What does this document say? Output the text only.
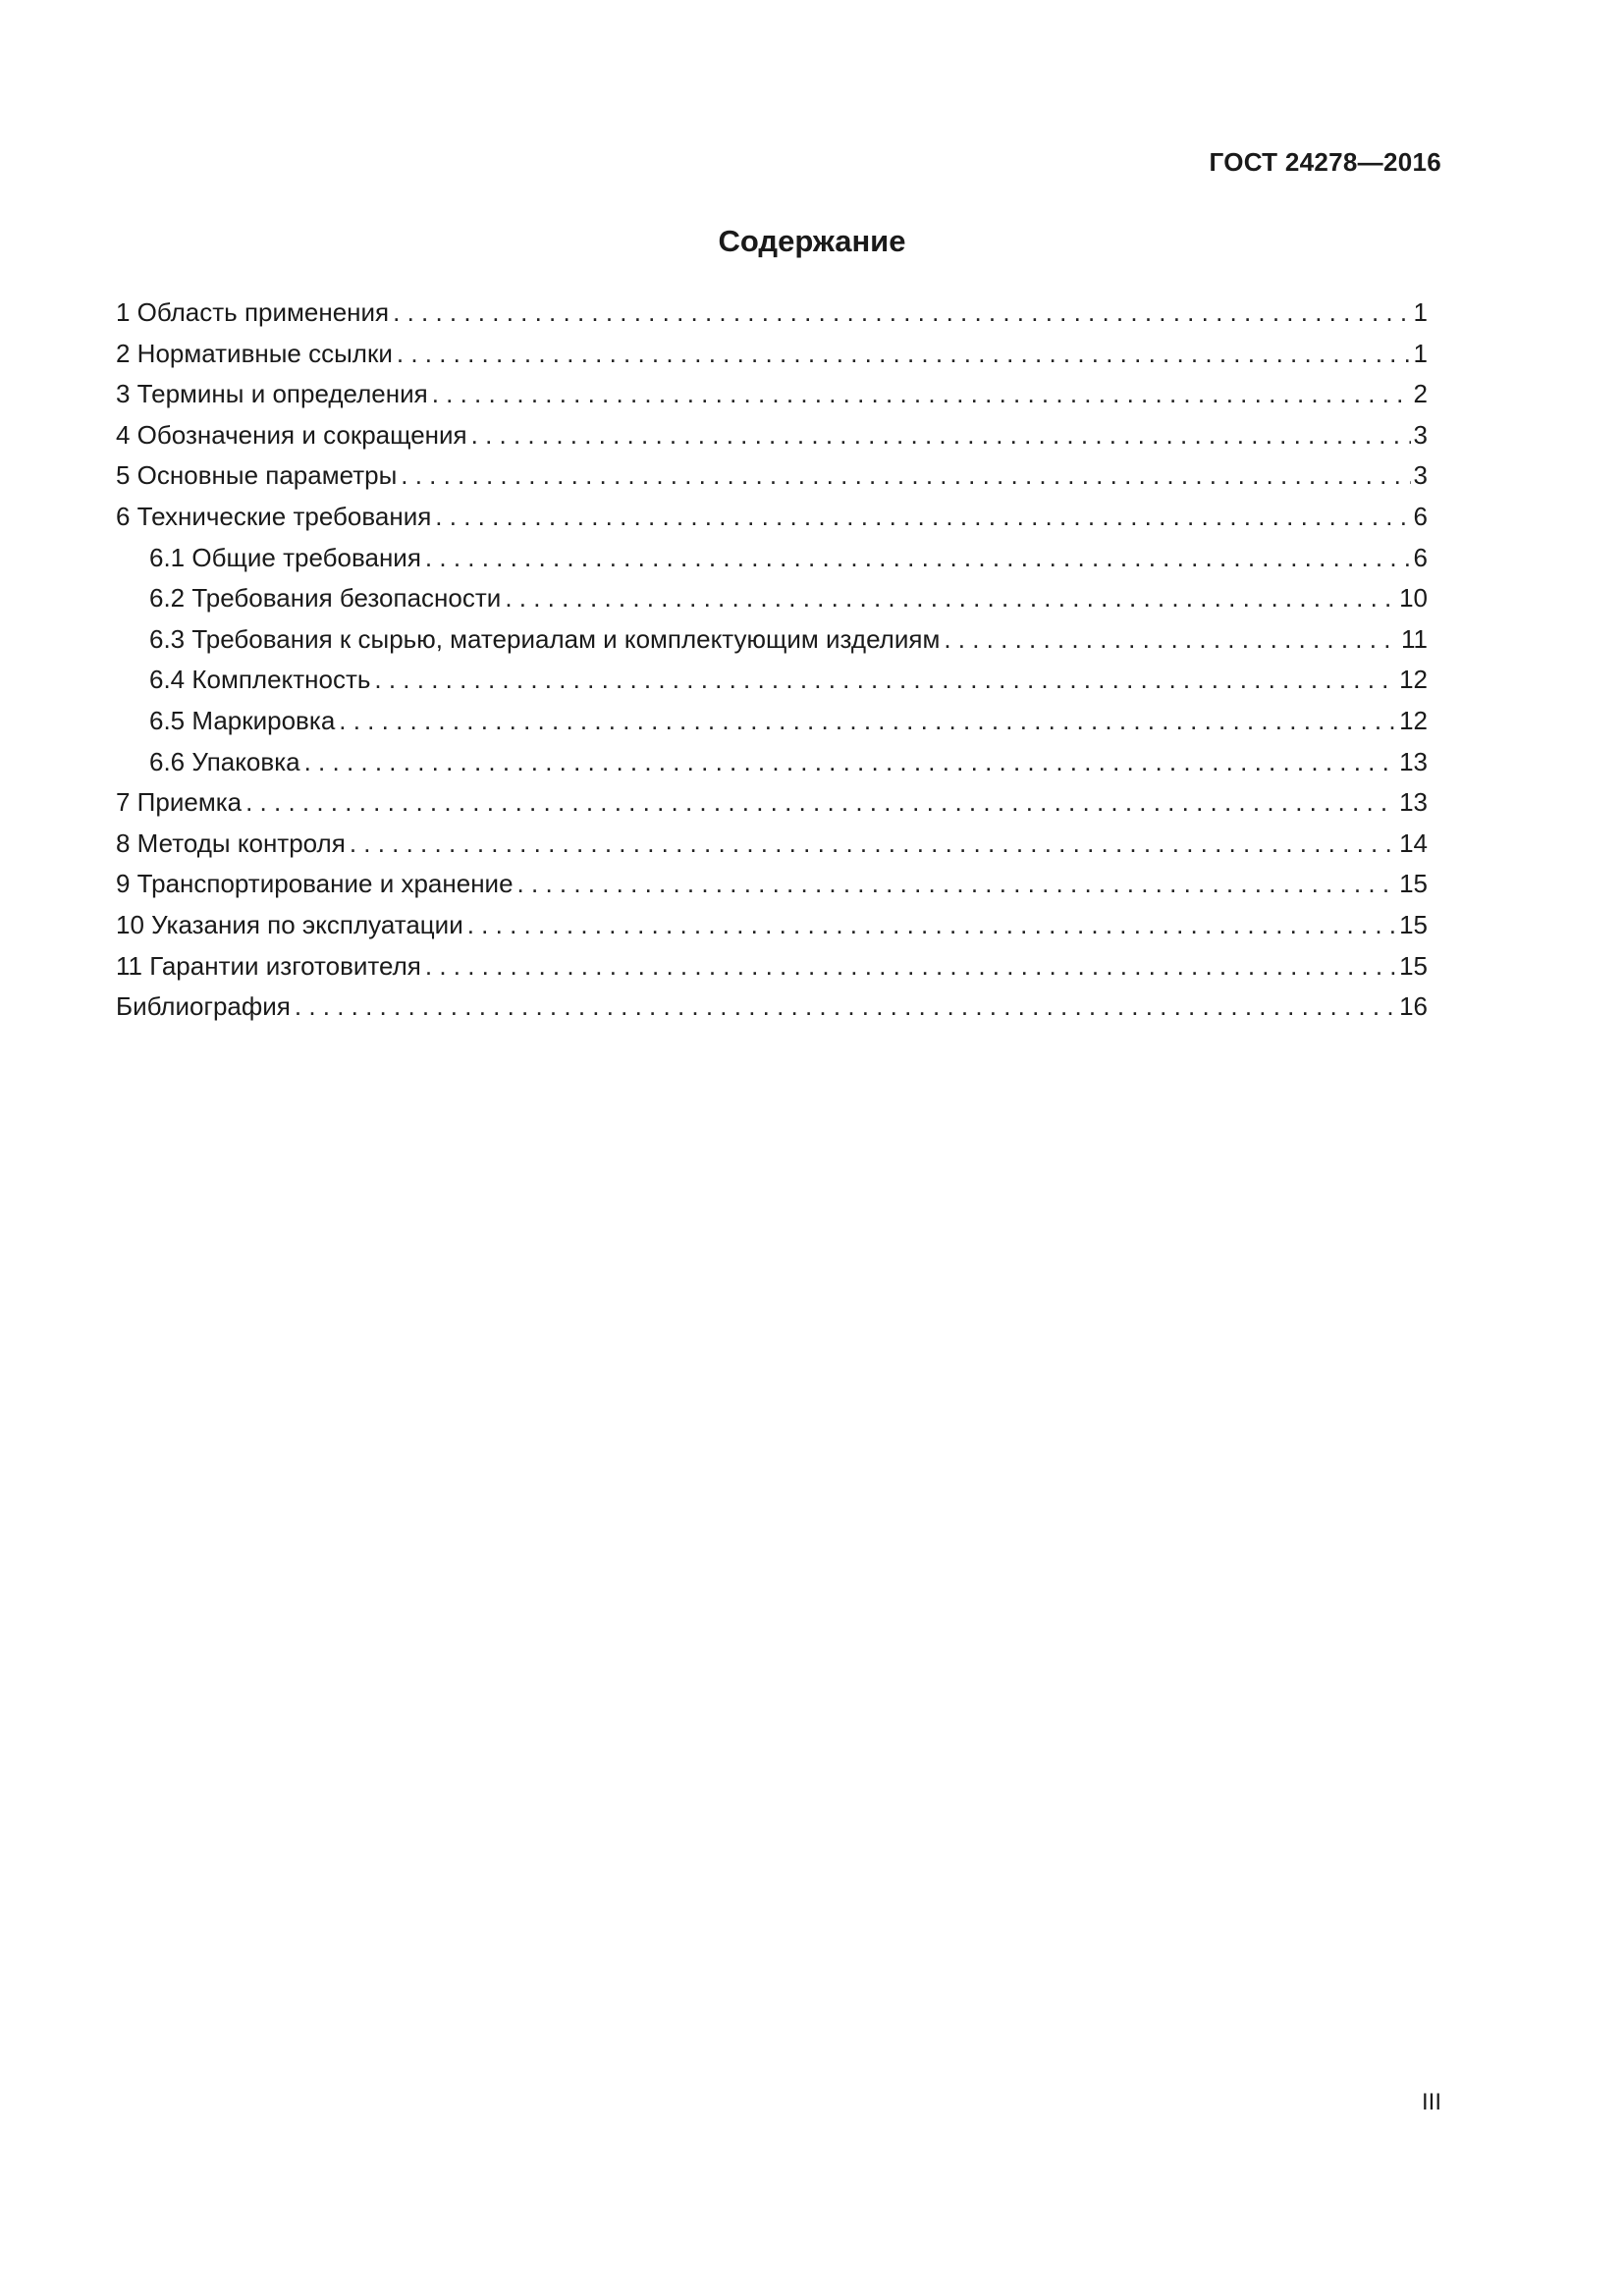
ГОСТ 24278—2016
Содержание
1 Область применения . . .	1
2 Нормативные ссылки . . .	1
3 Термины и определения . . .	2
4 Обозначения и сокращения . . .	3
5 Основные параметры . . .	3
6 Технические требования . . .	6
6.1 Общие требования . . .	6
6.2 Требования безопасности . . .	10
6.3 Требования к сырью, материалам и комплектующим изделиям . . .	11
6.4 Комплектность . . .	12
6.5 Маркировка . . .	12
6.6 Упаковка . . .	13
7 Приемка . . .	13
8 Методы контроля . . .	14
9 Транспортирование и хранение . . .	15
10 Указания по эксплуатации . . .	15
11 Гарантии изготовителя . . .	15
Библиография . . .	16
III
